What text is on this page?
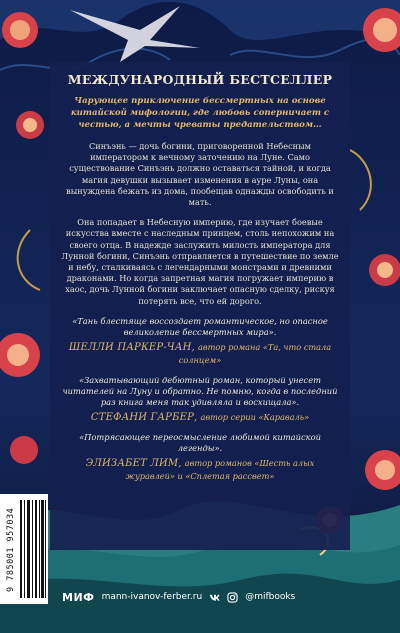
МЕЖДУНАРОДНЫЙ БЕСТСЕЛЛЕР
Чарующее приключение бессмертных на основе китайской мифологии, где любовь соперничает с честью, а мечты чреваты предательством…
Синъэнь — дочь богини, приговоренной Небесным императором к вечному заточению на Луне. Само существование Синъэнь должно оставаться тайной, и когда магия девушки вызывает изменения в ауре Луны, она вынуждена бежать из дома, пообещав однажды освободить и мать.
Она попадает в Небесную империю, где изучает боевые искусства вместе с наследным принцем, столь непохожим на своего отца. В надежде заслужить милость императора для Лунной богини, Синъэнь отправляется в путешествие по земле и небу, сталкиваясь с легендарными монстрами и древними драконами. Но когда запретная магия погружает империю в хаос, дочь Лунной богини заключает опасную сделку, рискуя потерять все, что ей дорого.
«Тань блестяще воссоздает романтическое, но опасное великолепие бессмертных мира».
ШЕЛЛИ ПАРКЕР-ЧАН, автор романа «Та, что стала солнцем»
«Захватывающий дебютный роман, который унесет читателей на Луну и обратно. Не помню, когда в последний раз книга меня так удивляла и восхищала».
СТЕФАНИ ГАРБЕР, автор серии «Караваль»
«Потрясающее переосмысление любимой китайской легенды».
ЭЛИЗАБЕТ ЛИМ, автор романов «Шесть алых журавлей» и «Сплетая рассвет»
9 785001 957034
МИФ mann-ivanov-ferber.ru	@mifbooks
